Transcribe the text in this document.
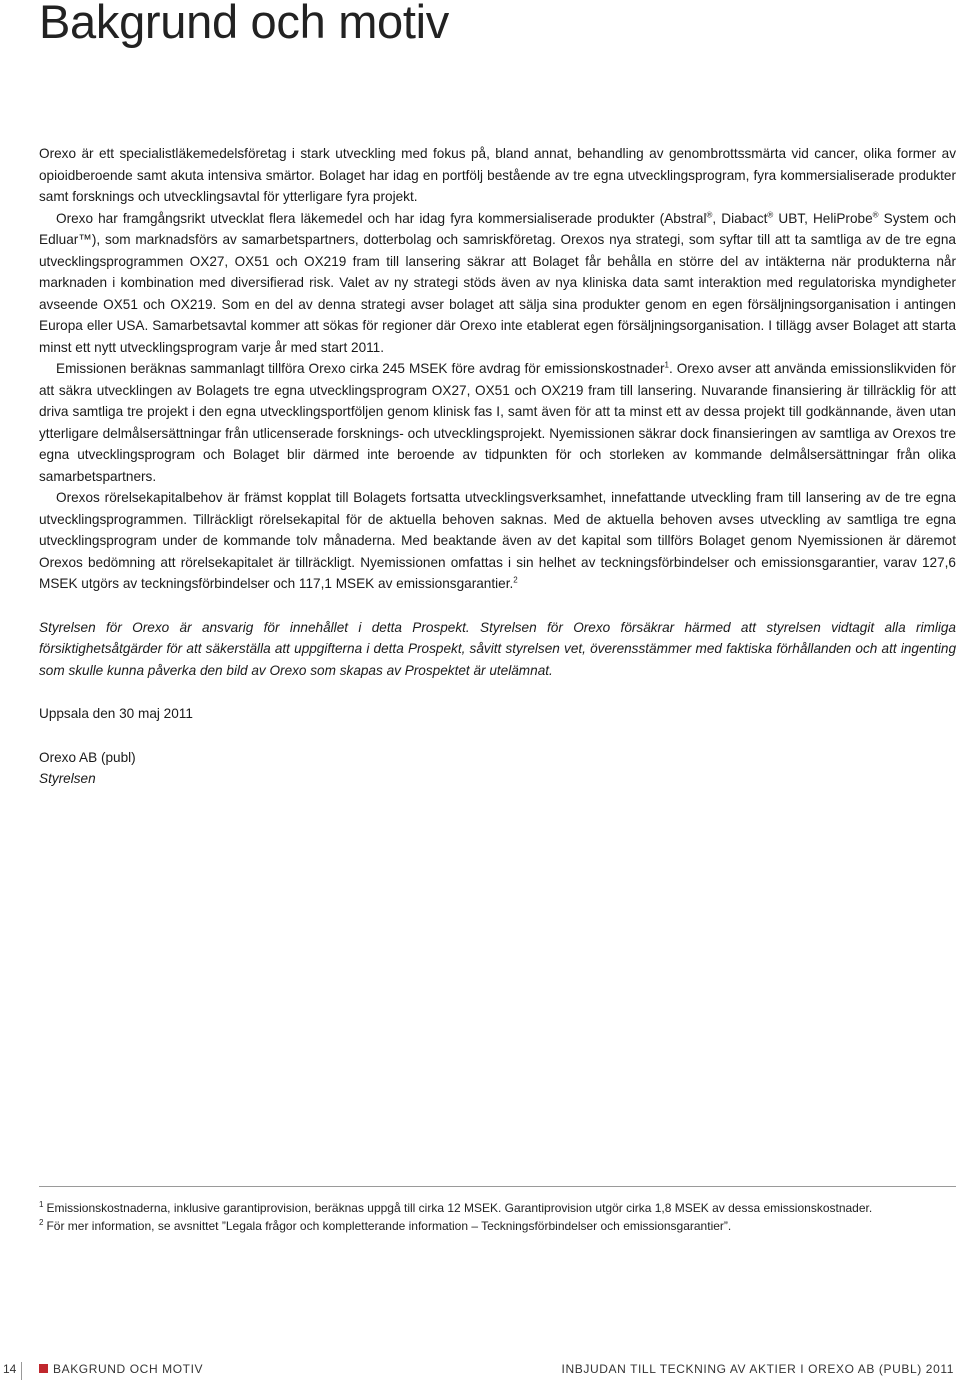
Bakgrund och motiv

Orexo är ett specialistläkemedelsföretag i stark utveckling med fokus på, bland annat, behandling av genombrottssmärta vid cancer, olika former av opioidberoende samt akuta intensiva smärtor. Bolaget har idag en portfölj bestående av tre egna utvecklingsprogram, fyra kommersialiserade produkter samt forsknings och utvecklingsavtal för ytterligare fyra projekt.

Orexo har framgångsrikt utvecklat flera läkemedel och har idag fyra kommersialiserade produkter (Abstral®, Diabact® UBT, HeliProbe® System och Edluar™), som marknadsförs av samarbetspartners, dotterbolag och samriskföretag. Orexos nya strategi, som syftar till att ta samtliga av de tre egna utvecklingsprogrammen OX27, OX51 och OX219 fram till lansering säkrar att Bolaget får behålla en större del av intäkterna när produkterna når marknaden i kombination med diversifierad risk. Valet av ny strategi stöds även av nya kliniska data samt interaktion med regulatoriska myndigheter avseende OX51 och OX219. Som en del av denna strategi avser bolaget att sälja sina produkter genom en egen försäljningsorganisation i antingen Europa eller USA. Samarbetsavtal kommer att sökas för regioner där Orexo inte etablerat egen försäljningsorganisation. I tillägg avser Bolaget att starta minst ett nytt utvecklingsprogram varje år med start 2011.

Emissionen beräknas sammanlagt tillföra Orexo cirka 245 MSEK före avdrag för emissionskostnader$^1$. Orexo avser att använda emissionslikviden för att säkra utvecklingen av Bolagets tre egna utvecklingsprogram OX27, OX51 och OX219 fram till lansering. Nuvarande finansiering är tillräcklig för att driva samtliga tre projekt i den egna utvecklingsportföljen genom klinisk fas I, samt även för att ta minst ett av dessa projekt till godkännande, även utan ytterligare delmålsersättningar från utlicenserade forsknings- och utvecklingsprojekt. Nyemissionen säkrar dock finansieringen av samtliga av Orexos tre egna utvecklingsprogram och Bolaget blir därmed inte beroende av tidpunkten för och storleken av kommande delmålsersättningar från olika samarbetspartners.

Orexos rörelsekapitalbehov är främst kopplat till Bolagets fortsatta utvecklingsverksamhet, innefattande utveckling fram till lansering av de tre egna utvecklingsprogrammen. Tillräckligt rörelsekapital för de aktuella behoven saknas. Med de aktuella behoven avses utveckling av samtliga tre egna utvecklingsprogram under de kommande tolv månaderna. Med beaktande även av det kapital som tillförs Bolaget genom Nyemissionen är däremot Orexos bedömning att rörelsekapitalet är tillräckligt. Nyemissionen omfattas i sin helhet av teckningsförbindelser och emissionsgarantier, varav 127,6 MSEK utgörs av teckningsförbindelser och 117,1 MSEK av emissionsgarantier.$^2$

Styrelsen för Orexo är ansvarig för innehållet i detta Prospekt. Styrelsen för Orexo försäkrar härmed att styrelsen vidtagit alla rimliga försiktighetsåtgärder för att säkerställa att uppgifterna i detta Prospekt, såvitt styrelsen vet, överensstämmer med faktiska förhållanden och att ingenting som skulle kunna påverka den bild av Orexo som skapas av Prospektet är utelämnat.

Uppsala den 30 maj 2011

Orexo AB (publ)

Styrelsen

$^1$ Emissionskostnaderna, inklusive garantiprovision, beräknas uppgå till cirka 12 MSEK. Garantiprovision utgör cirka 1,8 MSEK av dessa emissionskostnader.
$^2$ För mer information, se avsnittet ”Legala frågor och kompletterande information – Teckningsförbindelser och emissionsgarantier”.
14	BAKGRUND OCH MOTIV	INBJUDAN TILL TECKNING AV AKTIER I OREXO AB (PUBL) 2011
